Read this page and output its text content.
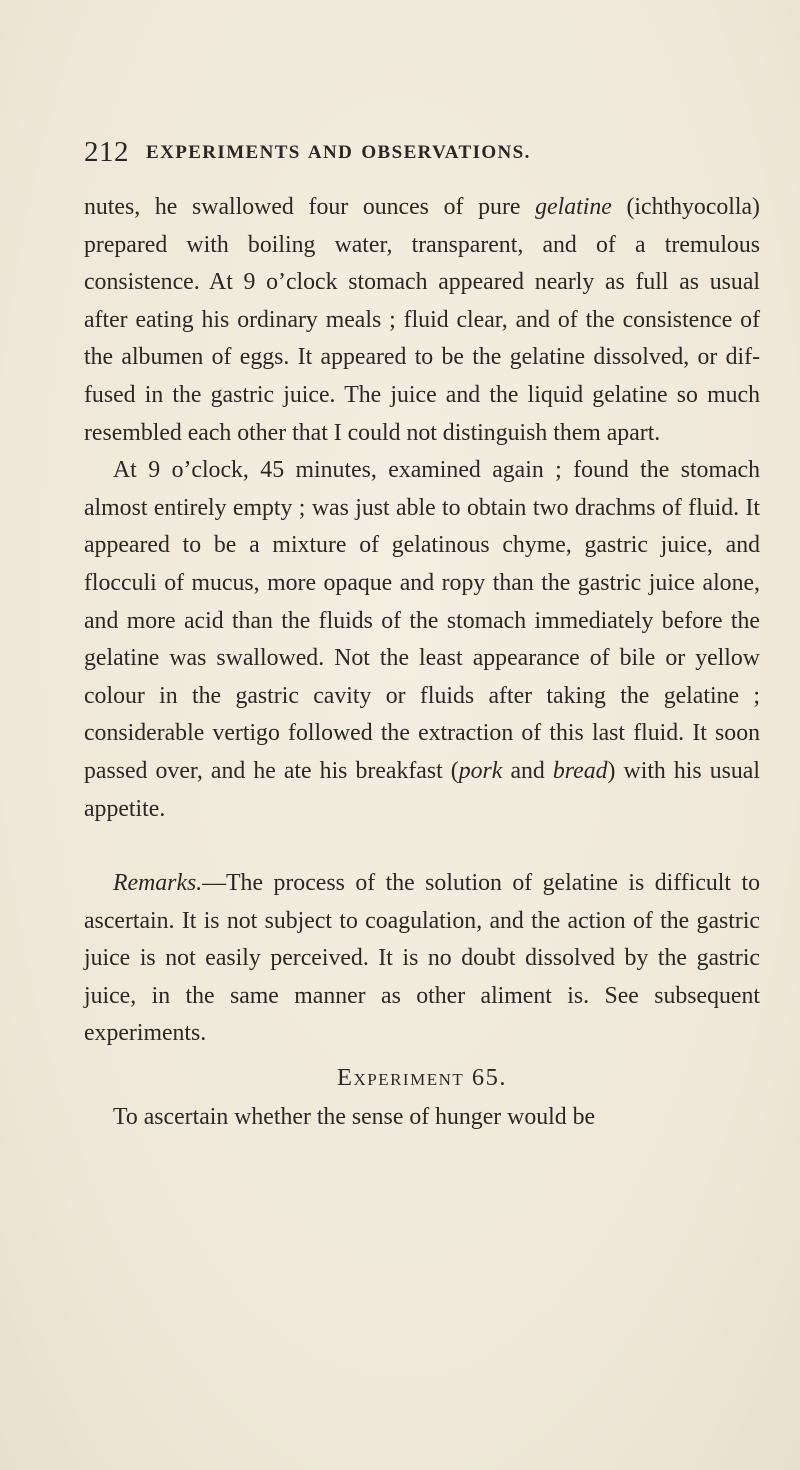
212 EXPERIMENTS AND OBSERVATIONS.

nutes, he swallowed four ounces of pure gelatine (ichthyocolla) prepared with boiling water, transparent, and of a tremulous consistence. At 9 o’clock stomach appeared nearly as full as usual after eating his ordinary meals ; fluid clear, and of the consistence of the albumen of eggs. It appeared to be the gelatine dissolved, or diffused in the gastric juice. The juice and the liquid gelatine so much resembled each other that I could not distinguish them apart.

At 9 o’clock, 45 minutes, examined again ; found the stomach almost entirely empty ; was just able to obtain two drachms of fluid. It appeared to be a mixture of gelatinous chyme, gastric juice, and flocculi of mucus, more opaque and ropy than the gastric juice alone, and more acid than the fluids of the stomach immediately before the gelatine was swallowed. Not the least appearance of bile or yellow colour in the gastric cavity or fluids after taking the gelatine ; considerable vertigo followed the extraction of this last fluid. It soon passed over, and he ate his breakfast (pork and bread) with his usual appetite.

Remarks.—The process of the solution of gelatine is difficult to ascertain. It is not subject to coagulation, and the action of the gastric juice is not easily perceived. It is no doubt dissolved by the gastric juice, in the same manner as other aliment is. See subsequent experiments.

Experiment 65.

To ascertain whether the sense of hunger would be
